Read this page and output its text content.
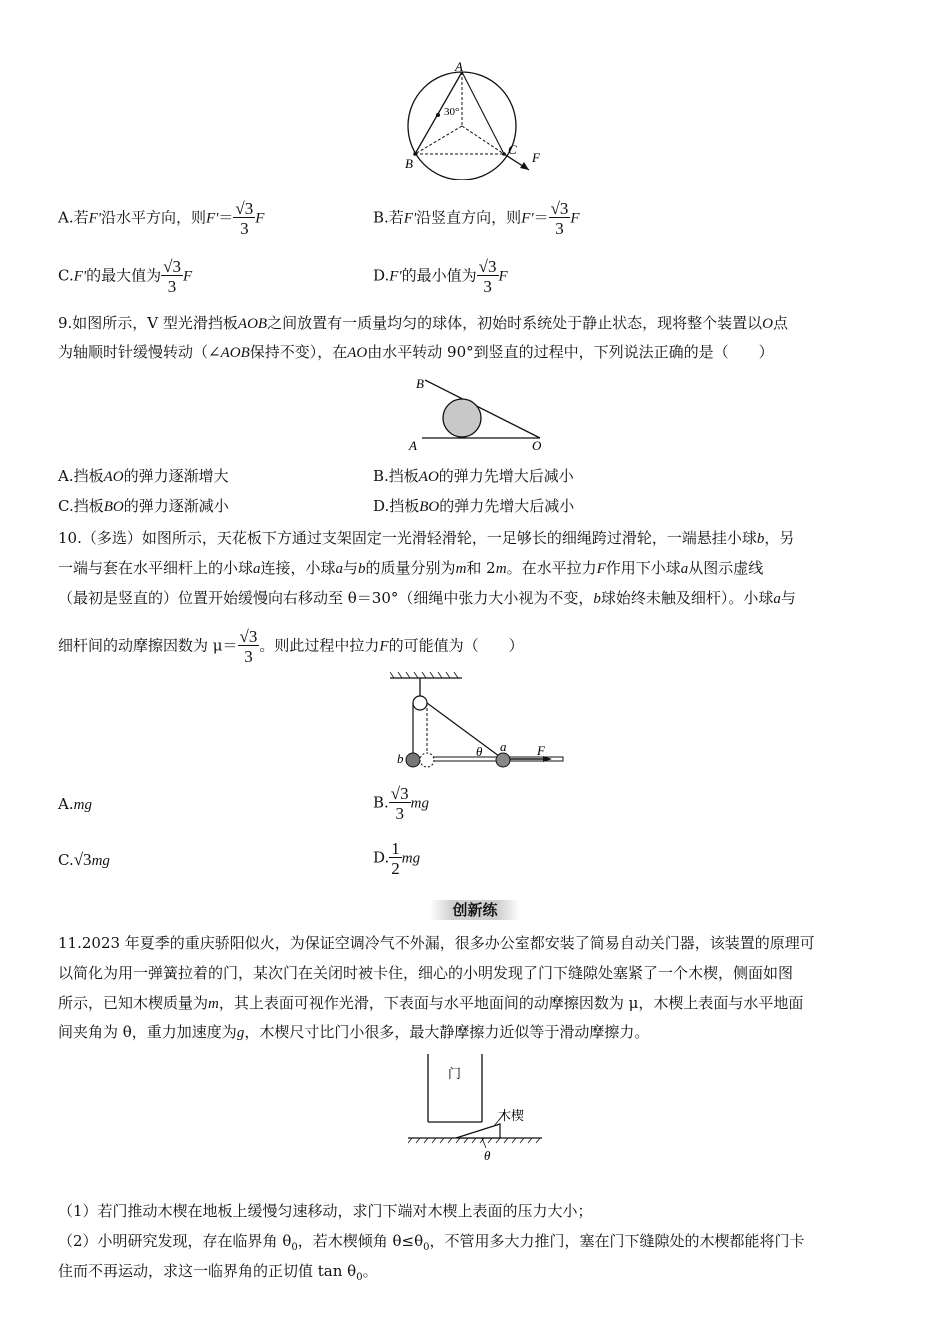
A
B
C
F
30°
A.若F'沿水平方向，则$F'= \frac{√3}{3}$ F	B.若F'沿竖直方向，则$F'= \frac{√3}{3}$ F
C.F'的最大值为 $\frac{√3}{3}$ F	D.F'的最小值为 $\frac{√3}{3}$ F
9.如图所示，V 型光滑挡板AOB之间放置有一质量均匀的球体，初始时系统处于静止状态，现将整个装置以O点
为轴顺时针缓慢转动（∠AOB保持不变），在AO由水平转动 90°到竖直的过程中，下列说法正确的是（　　）
B
A	O
A.挡板AO的弹力逐渐增大	B.挡板AO的弹力先增大后减小
C.挡板BO的弹力逐渐减小	D.挡板BO的弹力先增大后减小
10.（多选）如图所示，天花板下方通过支架固定一光滑轻滑轮，一足够长的细绳跨过滑轮，一端悬挂小球b，另
一端与套在水平细杆上的小球a连接，小球a与b的质量分别为m和 2m。在水平拉力F作用下小球a从图示虚线
（最初是竖直的）位置开始缓慢向右移动至 θ＝30°（细绳中张力大小视为不变，b球始终未触及细杆）。小球a与
细杆间的动摩擦因数为 $\mu= \frac{√3}{3}$ 。则此过程中拉力F的可能值为（　　）
b	θ a F
A.mg	B. $\frac{√3}{3}$ mg
C.√3mg	D. $\frac{1}{2}$ mg
创新练
11.2023 年夏季的重庆骄阳似火，为保证空调冷气不外漏，很多办公室都安装了简易自动关门器，该装置的原理可
以简化为用一弹簧拉着的门，某次门在关闭时被卡住，细心的小明发现了门下缝隙处塞紧了一个木楔，侧面如图
所示，已知木楔质量为m，其上表面可视作光滑，下表面与水平地面间的动摩擦因数为 μ，木楔上表面与水平地面
间夹角为 θ，重力加速度为g，木楔尺寸比门小很多，最大静摩擦力近似等于滑动摩擦力。
门
木楔
θ
（1）若门推动木楔在地板上缓慢匀速移动，求门下端对木楔上表面的压力大小；
（2）小明研究发现，存在临界角 $\theta_0$，若木楔倾角 $\theta\le\theta_0$，不管用多大力推门，塞在门下缝隙处的木楔都能将门卡
住而不再运动，求这一临界角的正切值 $\tan \theta_0$。
